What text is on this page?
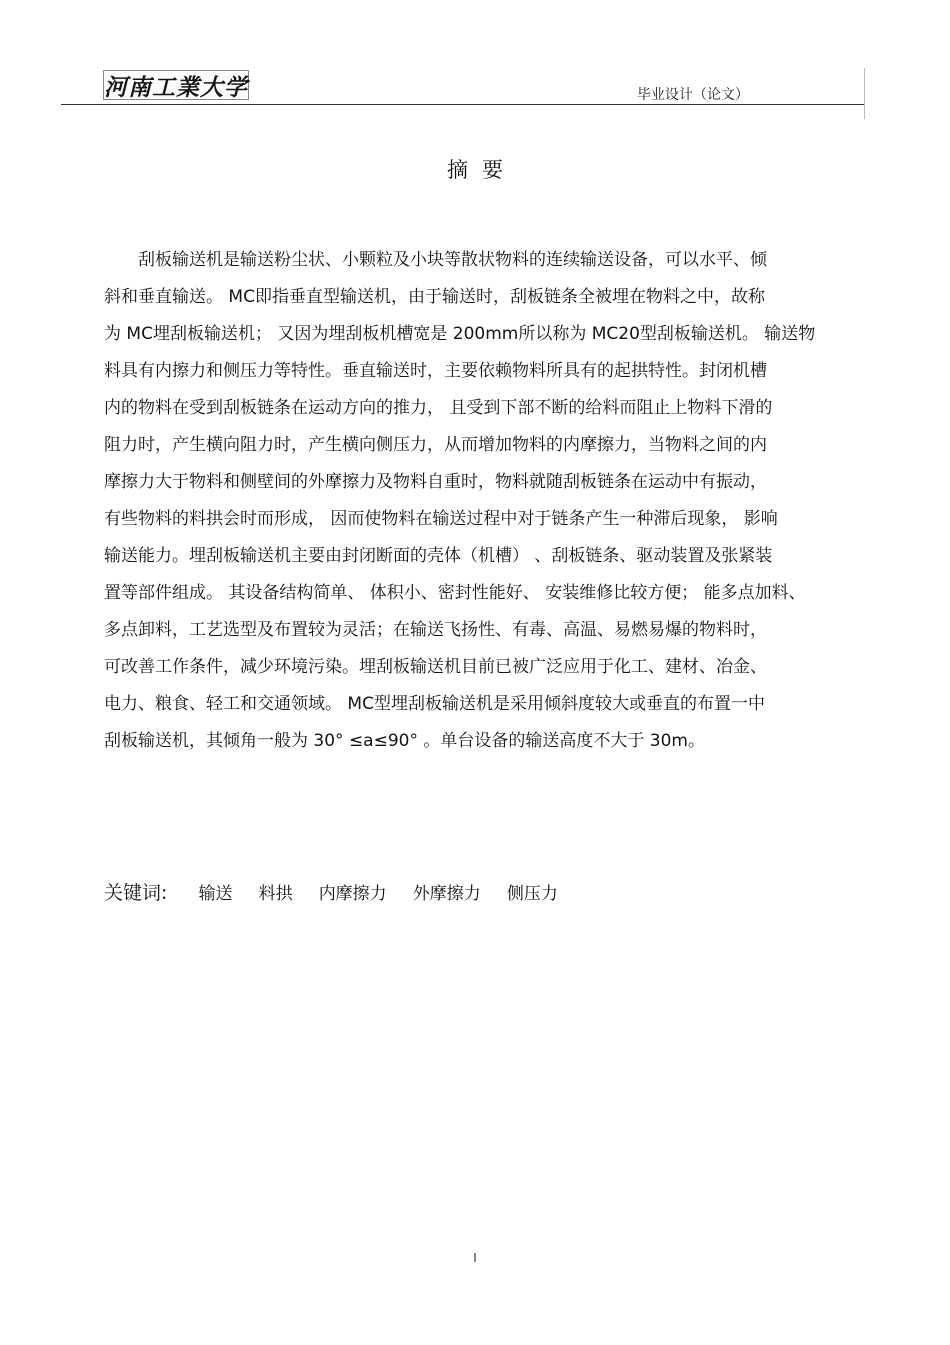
河南工業大学	毕业设计（论文）
摘要
刮板输送机是输送粉尘状、小颗粒及小块等散状物料的连续输送设备，可以水平、倾
斜和垂直输送。 MC即指垂直型输送机，由于输送时，刮板链条全被埋在物料之中，故称
为 MC埋刮板输送机； 又因为埋刮板机槽宽是 200mm所以称为 MC20型刮板输送机。 输送物
料具有内擦力和侧压力等特性。垂直输送时，主要依赖物料所具有的起拱特性。封闭机槽
内的物料在受到刮板链条在运动方向的推力， 且受到下部不断的给料而阻止上物料下滑的
阻力时，产生横向阻力时，产生横向侧压力，从而增加物料的内摩擦力，当物料之间的内
摩擦力大于物料和侧壁间的外摩擦力及物料自重时，物料就随刮板链条在运动中有振动，
有些物料的料拱会时而形成， 因而使物料在输送过程中对于链条产生一种滞后现象， 影响
输送能力。埋刮板输送机主要由封闭断面的壳体（机槽） 、刮板链条、驱动装置及张紧装
置等部件组成。 其设备结构简单、 体积小、密封性能好、 安装维修比较方便； 能多点加料、
多点卸料，工艺选型及布置较为灵活；在输送飞扬性、有毒、高温、易燃易爆的物料时，
可改善工作条件，减少环境污染。埋刮板输送机目前已被广泛应用于化工、建材、冶金、
电力、粮食、轻工和交通领域。 MC型埋刮板输送机是采用倾斜度较大或垂直的布置一中
刮板输送机，其倾角一般为 30° ≤a≤90° 。单台设备的输送高度不大于 30m。
关键词: 输送 料拱 内摩擦力 外摩擦力 侧压力
I
